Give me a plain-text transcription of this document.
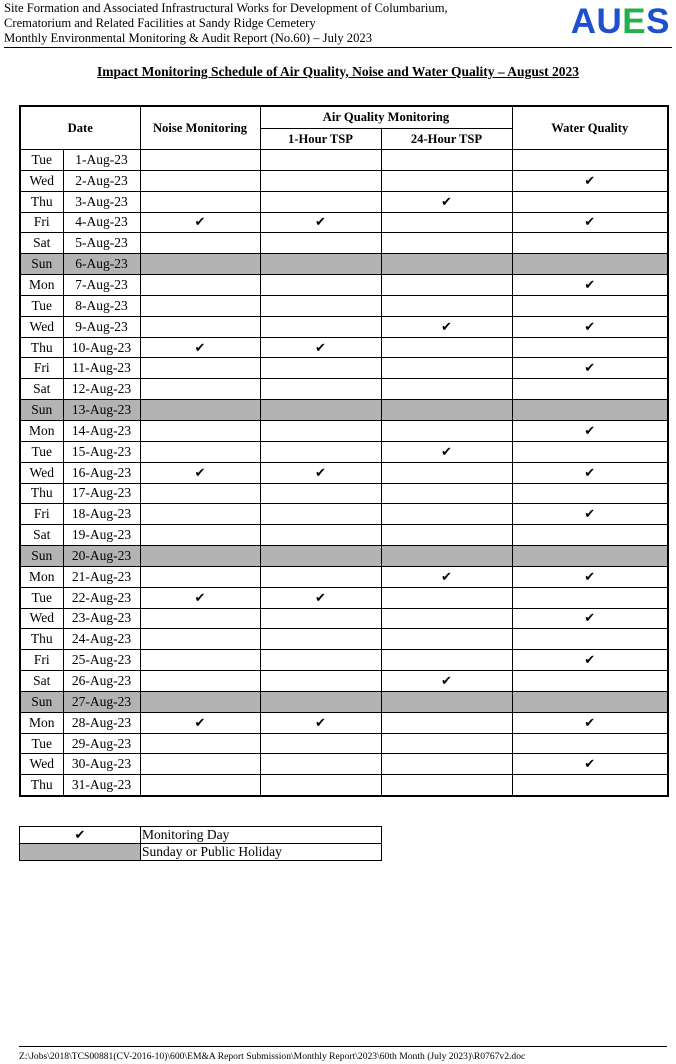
Site Formation and Associated Infrastructural Works for Development of Columbarium,
Crematorium and Related Facilities at Sandy Ridge Cemetery
Monthly Environmental Monitoring & Audit Report (No.60) – July 2023	AUES
Impact Monitoring Schedule of Air Quality, Noise and Water Quality – August 2023
Date		Noise Monitoring	Air Quality Monitoring		Water Quality
			1-Hour TSP	24-Hour TSP	
Tue	1-Aug-23				
Wed	2-Aug-23				✔
Thu	3-Aug-23			✔	
Fri	4-Aug-23	✔	✔		✔
Sat	5-Aug-23				
Sun	6-Aug-23				
Mon	7-Aug-23				✔
Tue	8-Aug-23				
Wed	9-Aug-23			✔	✔
Thu	10-Aug-23	✔	✔		
Fri	11-Aug-23				✔
Sat	12-Aug-23				
Sun	13-Aug-23				
Mon	14-Aug-23				✔
Tue	15-Aug-23			✔	
Wed	16-Aug-23	✔	✔		✔
Thu	17-Aug-23				
Fri	18-Aug-23				✔
Sat	19-Aug-23				
Sun	20-Aug-23				
Mon	21-Aug-23			✔	✔
Tue	22-Aug-23	✔	✔		
Wed	23-Aug-23				✔
Thu	24-Aug-23				
Fri	25-Aug-23				✔
Sat	26-Aug-23			✔	
Sun	27-Aug-23				
Mon	28-Aug-23	✔	✔		✔
Tue	29-Aug-23				
Wed	30-Aug-23				✔
Thu	31-Aug-23				
✔	Monitoring Day
	Sunday or Public Holiday
Z:\Jobs\2018\TCS00881(CV-2016-10)\600\EM&A Report Submission\Monthly Report\2023\60th Month (July 2023)\R0767v2.doc
